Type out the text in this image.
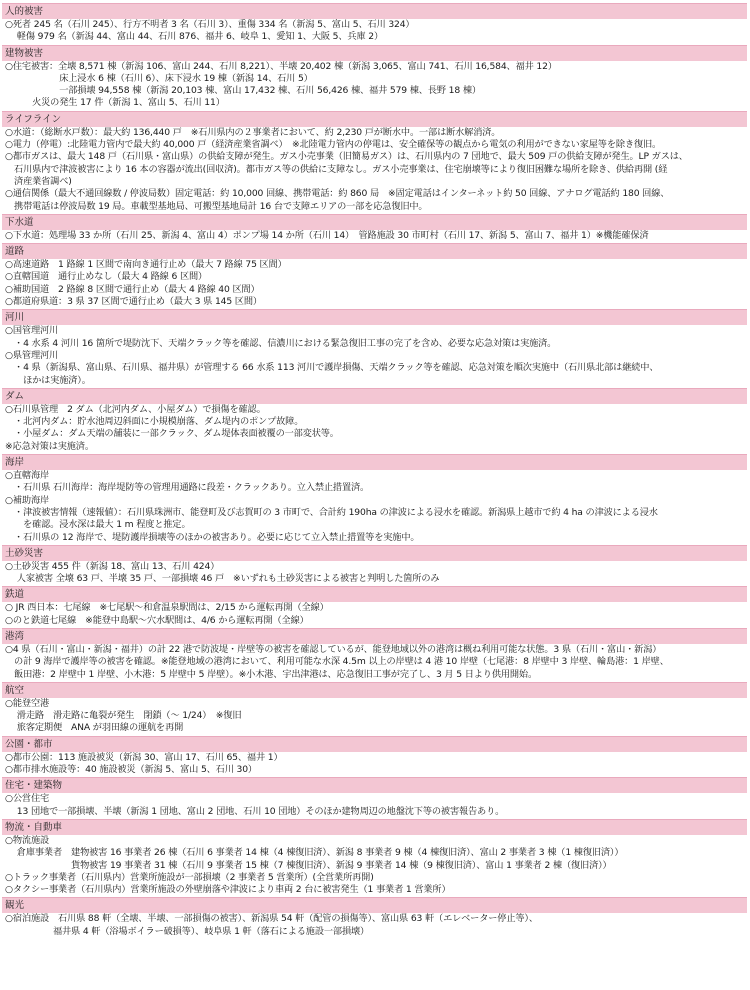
人的被害
○死者 245 名（石川 245）、行方不明者 3 名（石川 3）、重傷 334 名（新潟 5、富山 5、石川 324）
　 軽傷 979 名（新潟 44、富山 44、石川 876、福井 6、岐阜 1、愛知 1、大阪 5、兵庫 2）
建物被害
○住宅被害：全壊 8,571 棟（新潟 106、富山 244、石川 8,221）、半壊 20,402 棟（新潟 3,065、富山 741、石川 16,584、福井 12）
　　　　　　床上浸水 6 棟（石川 6）、床下浸水 19 棟（新潟 14、石川 5）
　　　　　　一部損壊 94,558 棟（新潟 20,103 棟、富山 17,432 棟、石川 56,426 棟、福井 579 棟、長野 18 棟）
　　　火災の発生 17 件（新潟 1、富山 5、石川 11）
ライフライン
○水道：（総断水戸数）：最大約 136,440 戸　※石川県内の２事業者において、約 2,230 戸が断水中。一部は断水解消済。
○電力（停電）:北陸電力管内で最大約 40,000 戸（経済産業省調べ）　※北陸電力管内の停電は、安全確保等の観点から電気の利用ができない家屋等を除き復旧。
○都市ガスは、最大 148 戸（石川県・富山県）の供給支障が発生。ガス小売事業（旧簡易ガス）は、石川県内の 7 団地で、最大 509 戸の供給支障が発生。LP ガスは、
　石川県内で津波被害により 16 本の容器が流出(回収済)。都市ガス等の供給に支障なし。ガス小売事業は、住宅崩壊等により復旧困難な場所を除き、供給再開 (経
　済産業省調べ)
○通信関係（最大不通回線数 / 停波局数）固定電話：約 10,000 回線、携帯電話：約 860 局　※固定電話はインターネット約 50 回線、アナログ電話約 180 回線、
　携帯電話は停波局数 19 局。車載型基地局、可搬型基地局計 16 台で支障エリアの一部を応急復旧中。
下水道
○下水道：処理場 33 か所（石川 25、新潟 4、富山 4）ポンプ場 14 か所（石川 14）　管路施設 30 市町村（石川 17、新潟 5、富山 7、福井 1）※機能確保済
道路
○高速道路　1 路線 1 区間で南向き通行止め（最大 7 路線 75 区間）
○直轄国道　通行止めなし（最大 4 路線 6 区間）
○補助国道　2 路線 8 区間で通行止め（最大 4 路線 40 区間）
○都道府県道：3 県 37 区間で通行止め（最大 3 県 145 区間）
河川
○国管理河川
　・4 水系 4 河川 16 箇所で堤防沈下、天端クラック等を確認、信濃川における緊急復旧工事の完了を含め、必要な応急対策は実施済。
○県管理河川
　・4 県（新潟県、富山県、石川県、福井県）が管理する 66 水系 113 河川で護岸損傷、天端クラック等を確認、応急対策を順次実施中（石川県北部は継続中、
　　ほかは実施済）。
ダム
○石川県管理　2 ダム（北河内ダム、小屋ダム）で損傷を確認。
　・北河内ダム：貯水池周辺斜面に小規模崩落、ダム堤内のポンプ故障。
　・小屋ダム：ダム天端の舗装に一部クラック、ダム堤体表面被覆の一部変状等。
※応急対策は実施済。
海岸
○直轄海岸
　・石川県 石川海岸：海岸堤防等の管理用通路に段差・クラックあり。立入禁止措置済。
○補助海岸
　・津波被害情報（速報値）：石川県珠洲市、能登町及び志賀町の 3 市町で、合計約 190ha の津波による浸水を確認。新潟県上越市で約 4 ha の津波による浸水
　　を確認。浸水深は最大 1 m 程度と推定。
　・石川県の 12 海岸で、堤防護岸損壊等のほかの被害あり。必要に応じて立入禁止措置等を実施中。
土砂災害
○土砂災害 455 件（新潟 18、富山 13、石川 424）
　 人家被害 全壊 63 戸、半壊 35 戸、一部損壊 46 戸　※いずれも土砂災害による被害と判明した箇所のみ
鉄道
○ JR 西日本：七尾線　※七尾駅～和倉温泉駅間は、2/15 から運転再開（全線）
○のと鉄道七尾線　※能登中島駅～穴水駅間は、4/6 から運転再開（全線）
港湾
○4 県（石川・富山・新潟・福井）の計 22 港で防波堤・岸壁等の被害を確認しているが、能登地域以外の港湾は概ね利用可能な状態。3 県（石川・富山・新潟）
　の計 9 海岸で護岸等の被害を確認。※能登地域の港湾において、利用可能な水深 4.5m 以上の岸壁は 4 港 10 岸壁（七尾港：8 岸壁中 3 岸壁、輪島港：1 岸壁、
　飯田港：2 岸壁中 1 岸壁、小木港：5 岸壁中 5 岸壁）。※小木港、宇出津港は、応急復旧工事が完了し、3 月 5 日より供用開始。
航空
○能登空港
　 滑走路　滑走路に亀裂が発生　閉鎖（～ 1/24）　※復旧
　 旅客定期便　ANA が羽田線の運航を再開
公園・都市
○都市公園：113 施設被災（新潟 30、富山 17、石川 65、福井 1）
○都市排水施設等：40 施設被災（新潟 5、富山 5、石川 30）
住宅・建築物
○公営住宅
　 13 団地で一部損壊、半壊（新潟 1 団地、富山 2 団地、石川 10 団地）そのほか建物周辺の地盤沈下等の被害報告あり。
物流・自動車
○物流施設
　 倉庫事業者　建物被害 16 事業者 26 棟（石川 6 事業者 14 棟（4 棟復旧済）、新潟 8 事業者 9 棟（4 棟復旧済）、富山 2 事業者 3 棟（1 棟復旧済））
　　　　　　　 貨物被害 19 事業者 31 棟（石川 9 事業者 15 棟（7 棟復旧済）、新潟 9 事業者 14 棟（9 棟復旧済）、富山 1 事業者 2 棟（復旧済））
○トラック事業者（石川県内）営業所施設が一部損壊（2 事業者 5 営業所）(全営業所再開)
○タクシー事業者（石川県内）営業所施設の外壁崩落や津波により車両 2 台に被害発生（1 事業者 1 営業所）
観光
○宿泊施設　石川県 88 軒（全壊、半壊、一部損傷の被害）、新潟県 54 軒（配管の損傷等）、富山県 63 軒（エレベーター停止等）、
　　　　　 福井県 4 軒（浴場ボイラー破損等）、岐阜県 1 軒（落石による施設一部損壊）
